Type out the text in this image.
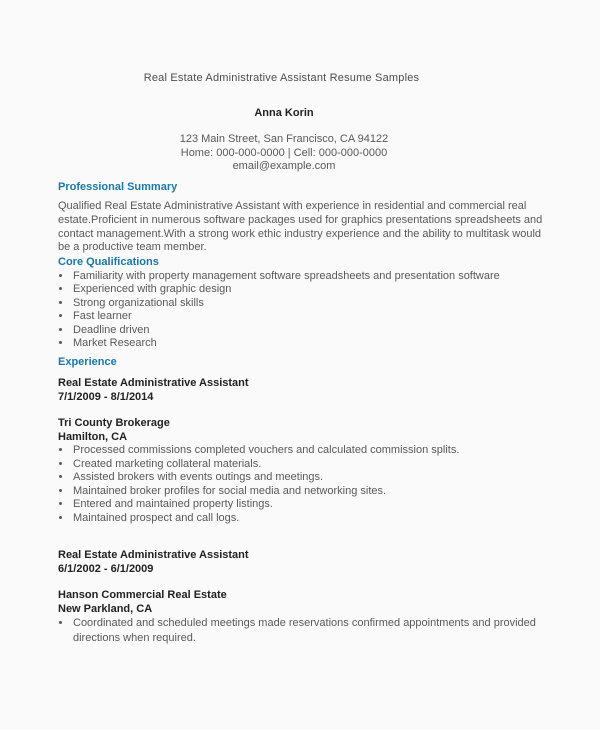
Real Estate Administrative Assistant Resume Samples
Anna Korin
123 Main Street, San Francisco, CA 94122
Home: 000-000-0000 | Cell: 000-000-0000
email@example.com
Professional Summary

Qualified Real Estate Administrative Assistant with experience in residential and commercial real estate.Proficient in numerous software packages used for graphics presentations spreadsheets and contact management.With a strong work ethic industry experience and the ability to multitask would be a productive team member.

Core Qualifications
• Familiarity with property management software spreadsheets and presentation software
• Experienced with graphic design
• Strong organizational skills
• Fast learner
• Deadline driven
• Market Research
Experience
Real Estate Administrative Assistant
7/1/2009 - 8/1/2014
Tri County Brokerage
Hamilton, CA
• Processed commissions completed vouchers and calculated commission splits.
• Created marketing collateral materials.
• Assisted brokers with events outings and meetings.
• Maintained broker profiles for social media and networking sites.
• Entered and maintained property listings.
• Maintained prospect and call logs.
Real Estate Administrative Assistant
6/1/2002 - 6/1/2009
Hanson Commercial Real Estate
New Parkland, CA
• Coordinated and scheduled meetings made reservations confirmed appointments and provided directions when required.
